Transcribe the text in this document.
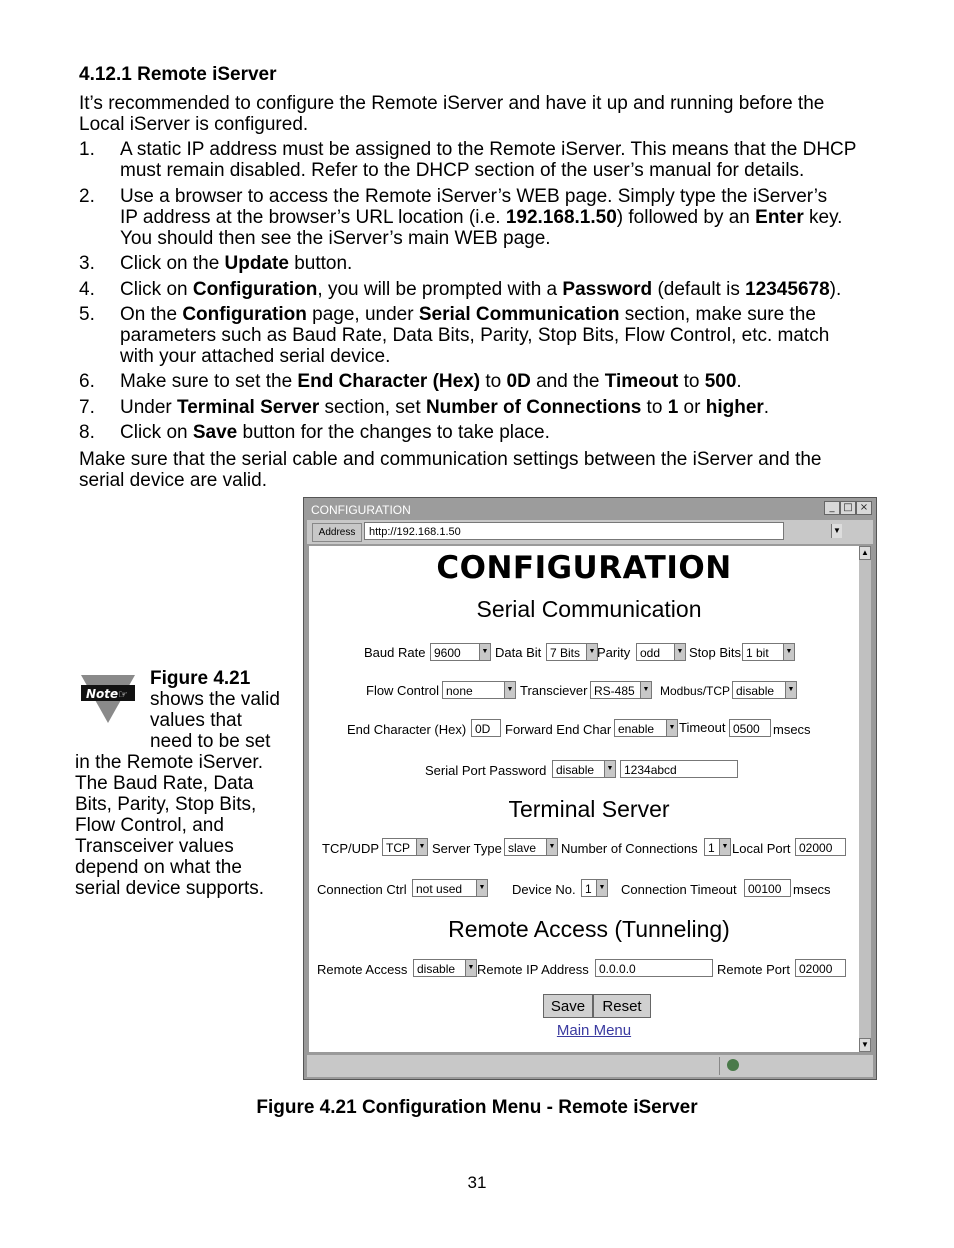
4.12.1 Remote iServer
It’s recommended to configure the Remote iServer and have it up and running before the
Local iServer is configured.
1. A static IP address must be assigned to the Remote iServer. This means that the DHCP
must remain disabled. Refer to the DHCP section of the user’s manual for details.
2. Use a browser to access the Remote iServer’s WEB page. Simply type the iServer’s
IP address at the browser’s URL location (i.e. 192.168.1.50) followed by an Enter key.
You should then see the iServer’s main WEB page.
3. Click on the Update button.
4. Click on Configuration, you will be prompted with a Password (default is 12345678).
5. On the Configuration page, under Serial Communication section, make sure the
parameters such as Baud Rate, Data Bits, Parity, Stop Bits, Flow Control, etc. match
with your attached serial device.
6. Make sure to set the End Character (Hex) to 0D and the Timeout to 500.
7. Under Terminal Server section, set Number of Connections to 1 or higher.
8. Click on Save button for the changes to take place.
Make sure that the serial cable and communication settings between the iServer and the
serial device are valid.
Note ☞
Figure 4.21
shows the valid
values that
need to be set
in the Remote iServer.
The Baud Rate, Data
Bits, Parity, Stop Bits,
Flow Control, and
Transceiver values
depend on what the
serial device supports.
CONFIGURATION	_ □ ×
Address	http://192.168.1.50	▼
CONFIGURATION
Serial Communication
Baud Rate 9600	▼ Data Bit 7 Bits	▼ Parity odd	▼ Stop Bits 1 bit	▼
Flow Control none	▼ Transciever RS-485	▼ Modbus/TCP disable	▼
End Character (Hex) 0D	Forward End Char enable	▼ Timeout 0500	msecs
Serial Port Password disable	▼ 1234abcd
Terminal Server
TCP/UDP TCP	▼ Server Type slave	▼ Number of Connections 1 ▼ Local Port 02000
Connection Ctrl not used	▼ Device No. 1 ▼ Connection Timeout 00100 msecs
Remote Access (Tunneling)
Remote Access disable	▼ Remote IP Address 0.0.0.0	Remote Port 02000
Save	Reset
Main Menu
▲
▼
Figure 4.21 Configuration Menu - Remote iServer
31
